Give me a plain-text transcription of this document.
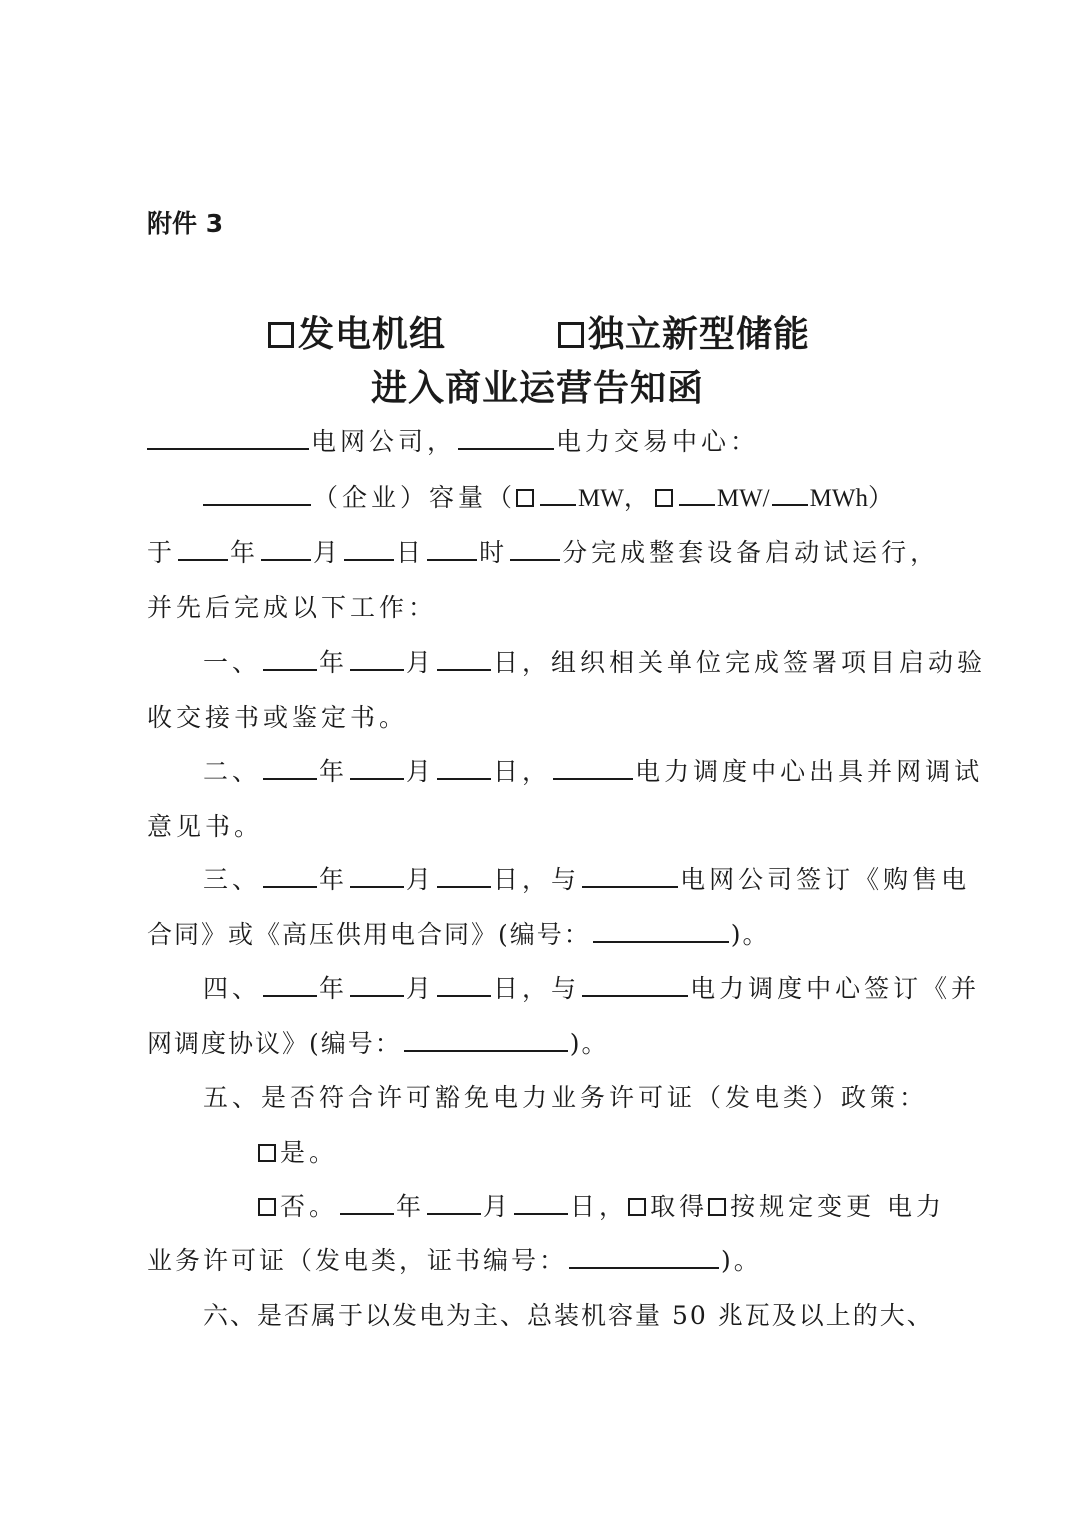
附件 3
发电机组	独立新型储能
进入商业运营告知函
电网公司，	电力交易中心：
（企业）容量（ MW，	MW/ MWh）
于 年 月 日 时 分完成整套设备启动试运行，
并先后完成以下工作：
一、 年 月 日，组织相关单位完成签署项目启动验
收交接书或鉴定书。
二、 年 月 日，	电力调度中心出具并网调试
意见书。
三、 年 月 日，与	电网公司签订《购售电
合同》或《高压供用电合同》(编号：	)。
四、 年 月 日，与	电力调度中心签订《并
网调度协议》(编号：	)。
五、是否符合许可豁免电力业务许可证（发电类）政策：
是。
否。 年 月 日， 取得 按规定变更 电力
业务许可证（发电类，证书编号：	)。
六、是否属于以发电为主、总装机容量 50 兆瓦及以上的大、
